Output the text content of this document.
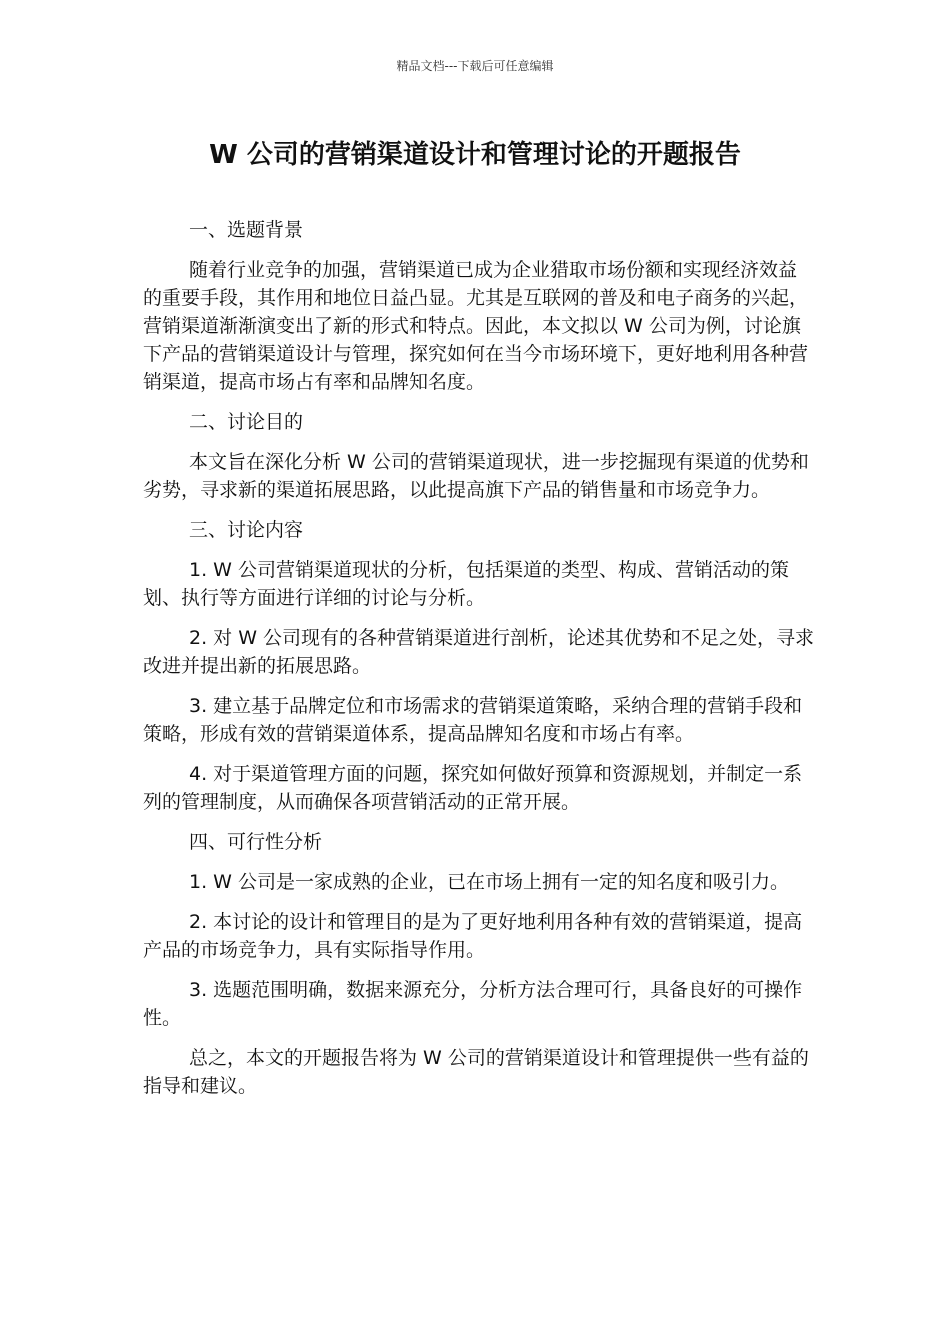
精品文档---下载后可任意编辑
W 公司的营销渠道设计和管理讨论的开题报告

一、选题背景

随着行业竞争的加强，营销渠道已成为企业猎取市场份额和实现经济效益的重要手段，其作用和地位日益凸显。尤其是互联网的普及和电子商务的兴起，营销渠道渐渐演变出了新的形式和特点。因此，本文拟以 W 公司为例，讨论旗下产品的营销渠道设计与管理，探究如何在当今市场环境下，更好地利用各种营销渠道，提高市场占有率和品牌知名度。

二、讨论目的

本文旨在深化分析 W 公司的营销渠道现状，进一步挖掘现有渠道的优势和劣势，寻求新的渠道拓展思路，以此提高旗下产品的销售量和市场竞争力。

三、讨论内容

1. W 公司营销渠道现状的分析，包括渠道的类型、构成、营销活动的策划、执行等方面进行详细的讨论与分析。

2. 对 W 公司现有的各种营销渠道进行剖析，论述其优势和不足之处，寻求改进并提出新的拓展思路。

3. 建立基于品牌定位和市场需求的营销渠道策略，采纳合理的营销手段和策略，形成有效的营销渠道体系，提高品牌知名度和市场占有率。

4. 对于渠道管理方面的问题，探究如何做好预算和资源规划，并制定一系列的管理制度，从而确保各项营销活动的正常开展。

四、可行性分析

1. W 公司是一家成熟的企业，已在市场上拥有一定的知名度和吸引力。

2. 本讨论的设计和管理目的是为了更好地利用各种有效的营销渠道，提高产品的市场竞争力，具有实际指导作用。

3. 选题范围明确，数据来源充分，分析方法合理可行，具备良好的可操作性。

总之，本文的开题报告将为 W 公司的营销渠道设计和管理提供一些有益的指导和建议。
